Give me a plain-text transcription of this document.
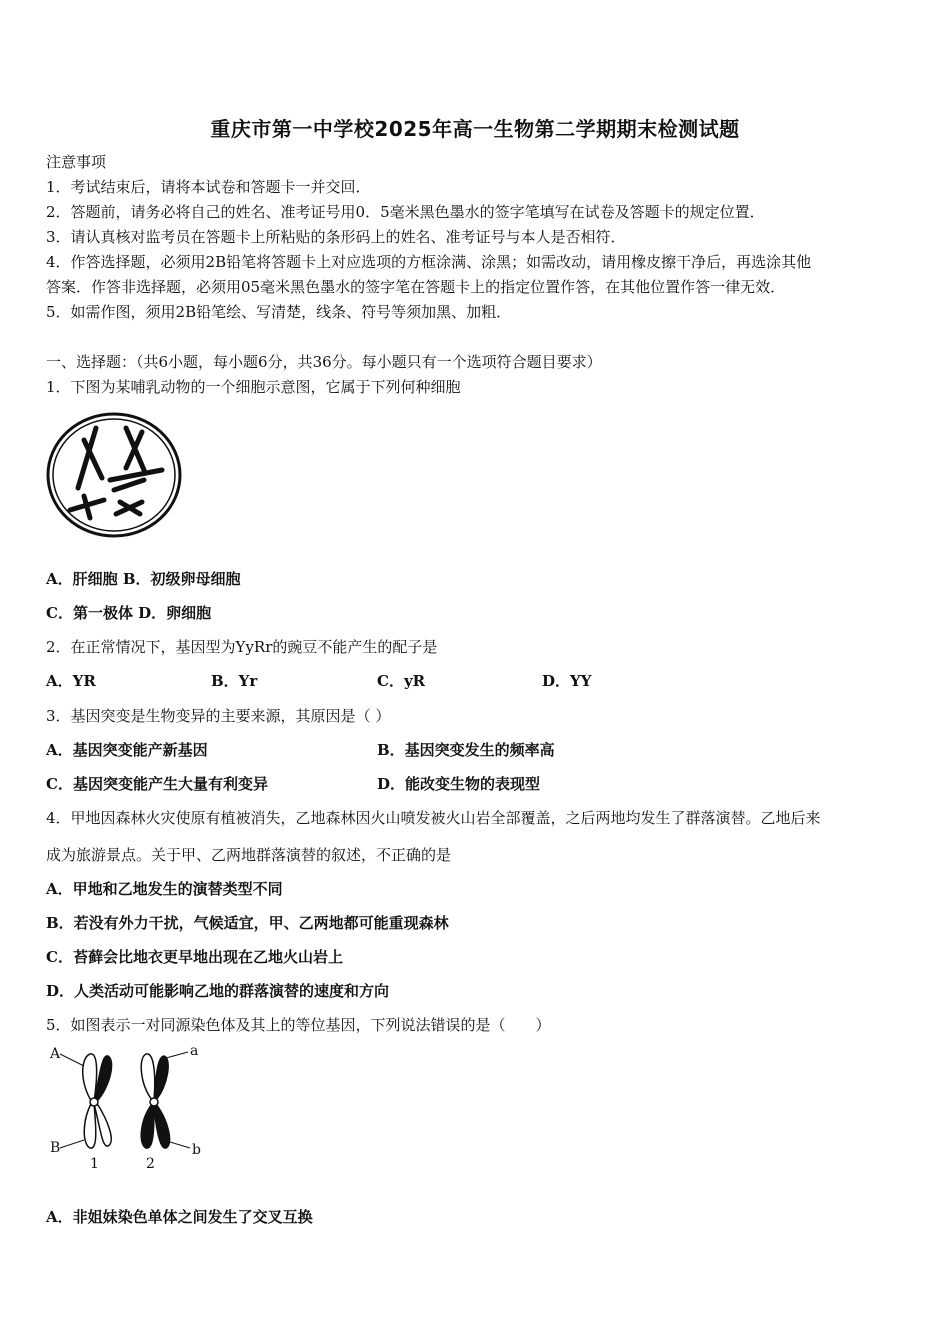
重庆市第一中学校2025年高一生物第二学期期末检测试题
注意事项
1．考试结束后，请将本试卷和答题卡一并交回．
2．答题前，请务必将自己的姓名、准考证号用0．5毫米黑色墨水的签字笔填写在试卷及答题卡的规定位置．
3．请认真核对监考员在答题卡上所粘贴的条形码上的姓名、准考证号与本人是否相符．
4．作答选择题，必须用2B铅笔将答题卡上对应选项的方框涂满、涂黑；如需改动，请用橡皮擦干净后，再选涂其他
答案．作答非选择题，必须用05毫米黑色墨水的签字笔在答题卡上的指定位置作答，在其他位置作答一律无效．
5．如需作图，须用2B铅笔绘、写清楚，线条、符号等须加黑、加粗．
一、选择题：（共6小题，每小题6分，共36分。每小题只有一个选项符合题目要求）
1．下图为某哺乳动物的一个细胞示意图，它属于下列何种细胞
A．肝细胞 B．初级卵母细胞
C．第一极体 D．卵细胞
2．在正常情况下，基因型为YyRr的豌豆不能产生的配子是
A．YR	B．Yr	C．yR	D．YY
3．基因突变是生物变异的主要来源，其原因是（ ）
A．基因突变能产新基因	B．基因突变发生的频率高
C．基因突变能产生大量有利变异	D．能改变生物的表现型
4．甲地因森林火灾使原有植被消失，乙地森林因火山喷发被火山岩全部覆盖，之后两地均发生了群落演替。乙地后来
成为旅游景点。关于甲、乙两地群落演替的叙述，不正确的是
A．甲地和乙地发生的演替类型不同
B．若没有外力干扰，气候适宜，甲、乙两地都可能重现森林
C．苔藓会比地衣更早地出现在乙地火山岩上
D．人类活动可能影响乙地的群落演替的速度和方向
5．如图表示一对同源染色体及其上的等位基因，下列说法错误的是（　　）
A
B
a
b
1	2
A．非姐妹染色单体之间发生了交叉互换
